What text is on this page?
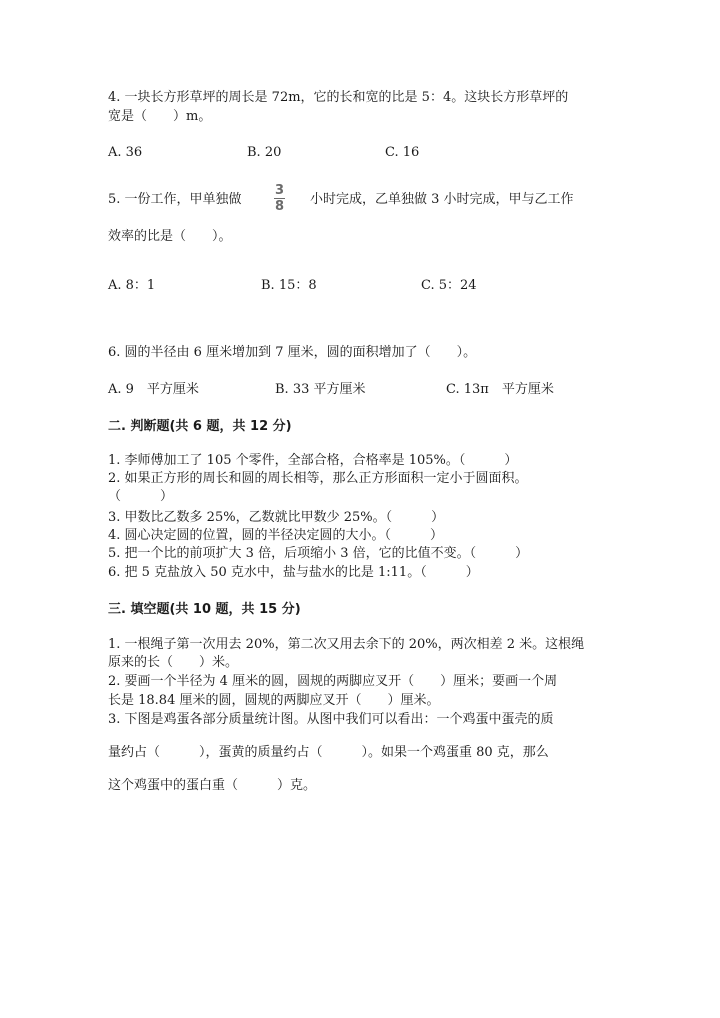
4. 一块长方形草坪的周长是 72m，它的长和宽的比是 5：4。这块长方形草坪的
宽是（　　）m。
A. 36	B. 20	C. 16
5. 一份工作，甲单独做
3
8 小时完成，乙单独做 3 小时完成，甲与乙工作
效率的比是（　　）。
A. 8：1	B. 15：8	C. 5：24
6. 圆的半径由 6 厘米增加到 7 厘米，圆的面积增加了（　　）。
A. 9　平方厘米	B. 33 平方厘米	C. 13π　平方厘米
二. 判断题(共 6 题，共 12 分)
1. 李师傅加工了 105 个零件，全部合格，合格率是 105%。（　　　）
2. 如果正方形的周长和圆的周长相等，那么正方形面积一定小于圆面积。
（　　　）
3. 甲数比乙数多 25%，乙数就比甲数少 25%。（　　　）
4. 圆心决定圆的位置，圆的半径决定圆的大小。（　　　）
5. 把一个比的前项扩大 3 倍，后项缩小 3 倍，它的比值不变。（　　　）
6. 把 5 克盐放入 50 克水中，盐与盐水的比是 1:11。（　　　）
三. 填空题(共 10 题，共 15 分)
1. 一根绳子第一次用去 20%，第二次又用去余下的 20%，两次相差 2 米。这根绳
原来的长（　　）米。
2. 要画一个半径为 4 厘米的圆，圆规的两脚应叉开（　　）厘米；要画一个周
长是 18.84 厘米的圆，圆规的两脚应叉开（　　）厘米。
3. 下图是鸡蛋各部分质量统计图。从图中我们可以看出：一个鸡蛋中蛋壳的质
量约占（　　　），蛋黄的质量约占（　　　）。如果一个鸡蛋重 80 克，那么
这个鸡蛋中的蛋白重（　　　）克。
